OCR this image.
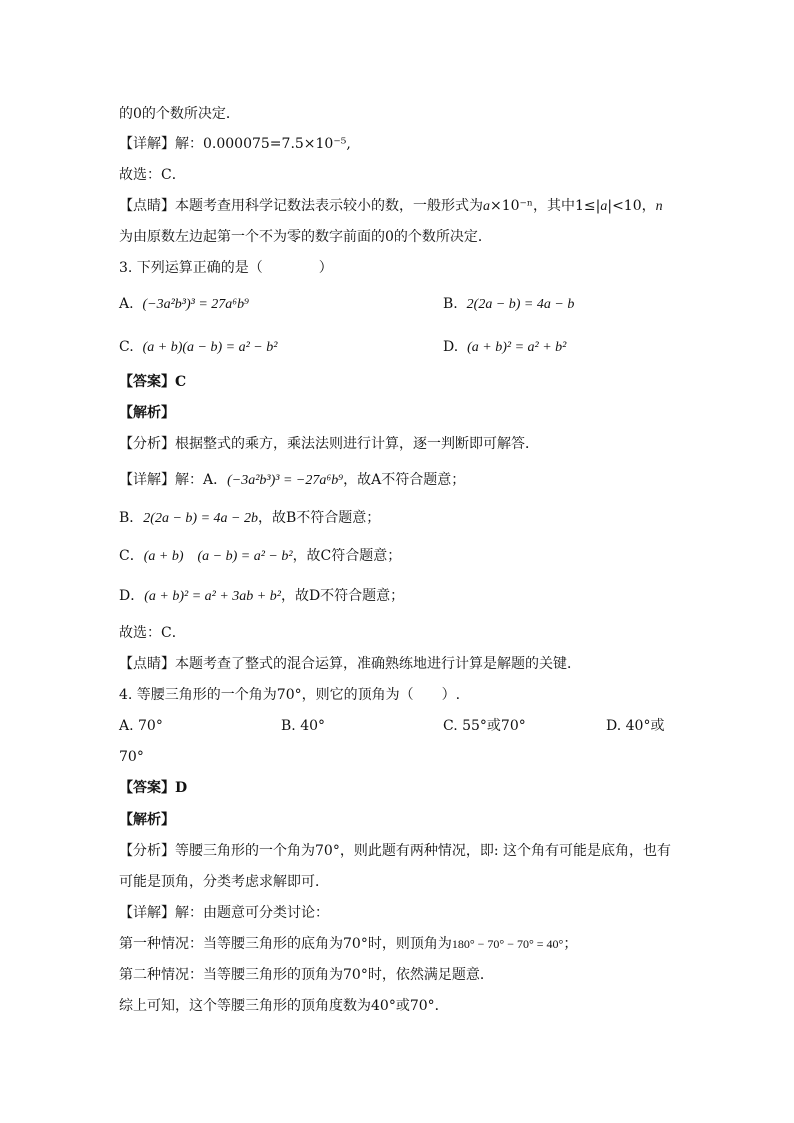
的0的个数所决定．
【详解】解：0.000075=7.5×10⁻⁵,
故选：C．
【点睛】本题考查用科学记数法表示较小的数，一般形式为a×10⁻ⁿ，其中1≤|a|<10，n
为由原数左边起第一个不为零的数字前面的0的个数所决定．
3. 下列运算正确的是（　　　　）
A. (−3a²b³)³ = 27a⁶b⁹	B. 2(2a − b) = 4a − b
C. (a + b)(a − b) = a² − b²	D. (a + b)² = a² + b²
【答案】C
【解析】
【分析】根据整式的乘方，乘法法则进行计算，逐一判断即可解答．
【详解】解：A．(−3a²b³)³ = −27a⁶b⁹，故A不符合题意；
B．2(2a − b) = 4a − 2b，故B不符合题意；
C．(a + b)　(a − b) = a² − b²，故C符合题意；
D．(a + b)² = a² + 3ab + b²，故D不符合题意；
故选：C．
【点睛】本题考查了整式的混合运算，准确熟练地进行计算是解题的关键．
4. 等腰三角形的一个角为70°，则它的顶角为（　　）.
A. 70°	B. 40°	C. 55°或70°	D. 40°或
70°
【答案】D
【解析】
【分析】等腰三角形的一个角为70°，则此题有两种情况，即: 这个角有可能是底角，也有
可能是顶角，分类考虑求解即可．
【详解】解：由题意可分类讨论：
第一种情况：当等腰三角形的底角为70°时，则顶角为180° − 70° − 70° = 40°；
第二种情况：当等腰三角形的顶角为70°时，依然满足题意．
综上可知，这个等腰三角形的顶角度数为40°或70°．
